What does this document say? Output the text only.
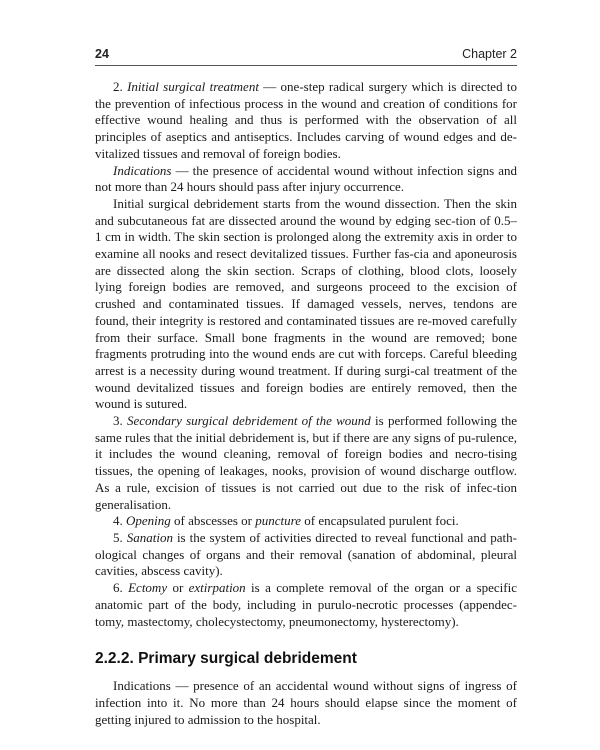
24	Chapter 2

2. Initial surgical treatment — one-step radical surgery which is directed to the prevention of infectious process in the wound and creation of conditions for effective wound healing and thus is performed with the observation of all principles of aseptics and antiseptics. Includes carving of wound edges and de-vitalized tissues and removal of foreign bodies.

Indications — the presence of accidental wound without infection signs and not more than 24 hours should pass after injury occurrence.

Initial surgical debridement starts from the wound dissection. Then the skin and subcutaneous fat are dissected around the wound by edging sec-tion of 0.5–1 cm in width. The skin section is prolonged along the extremity axis in order to examine all nooks and resect devitalized tissues. Further fas-cia and aponeurosis are dissected along the skin section. Scraps of clothing, blood clots, loosely lying foreign bodies are removed, and surgeons proceed to the excision of crushed and contaminated tissues. If damaged vessels, nerves, tendons are found, their integrity is restored and contaminated tissues are re-moved carefully from their surface. Small bone fragments in the wound are removed; bone fragments protruding into the wound ends are cut with forceps. Careful bleeding arrest is a necessity during wound treatment. If during surgi-cal treatment of the wound devitalized tissues and foreign bodies are entirely removed, then the wound is sutured.

3. Secondary surgical debridement of the wound is performed following the same rules that the initial debridement is, but if there are any signs of pu-rulence, it includes the wound cleaning, removal of foreign bodies and necro-tising tissues, the opening of leakages, nooks, provision of wound discharge outflow. As a rule, excision of tissues is not carried out due to the risk of infec-tion generalisation.

4. Opening of abscesses or puncture of encapsulated purulent foci.

5. Sanation is the system of activities directed to reveal functional and path-ological changes of organs and their removal (sanation of abdominal, pleural cavities, abscess cavity).

6. Ectomy or extirpation is a complete removal of the organ or a specific anatomic part of the body, including in purulo-necrotic processes (appendec-tomy, mastectomy, cholecystectomy, pneumonectomy, hysterectomy).

2.2.2. Primary surgical debridement

Indications — presence of an accidental wound without signs of ingress of infection into it. No more than 24 hours should elapse since the moment of getting injured to admission to the hospital.
